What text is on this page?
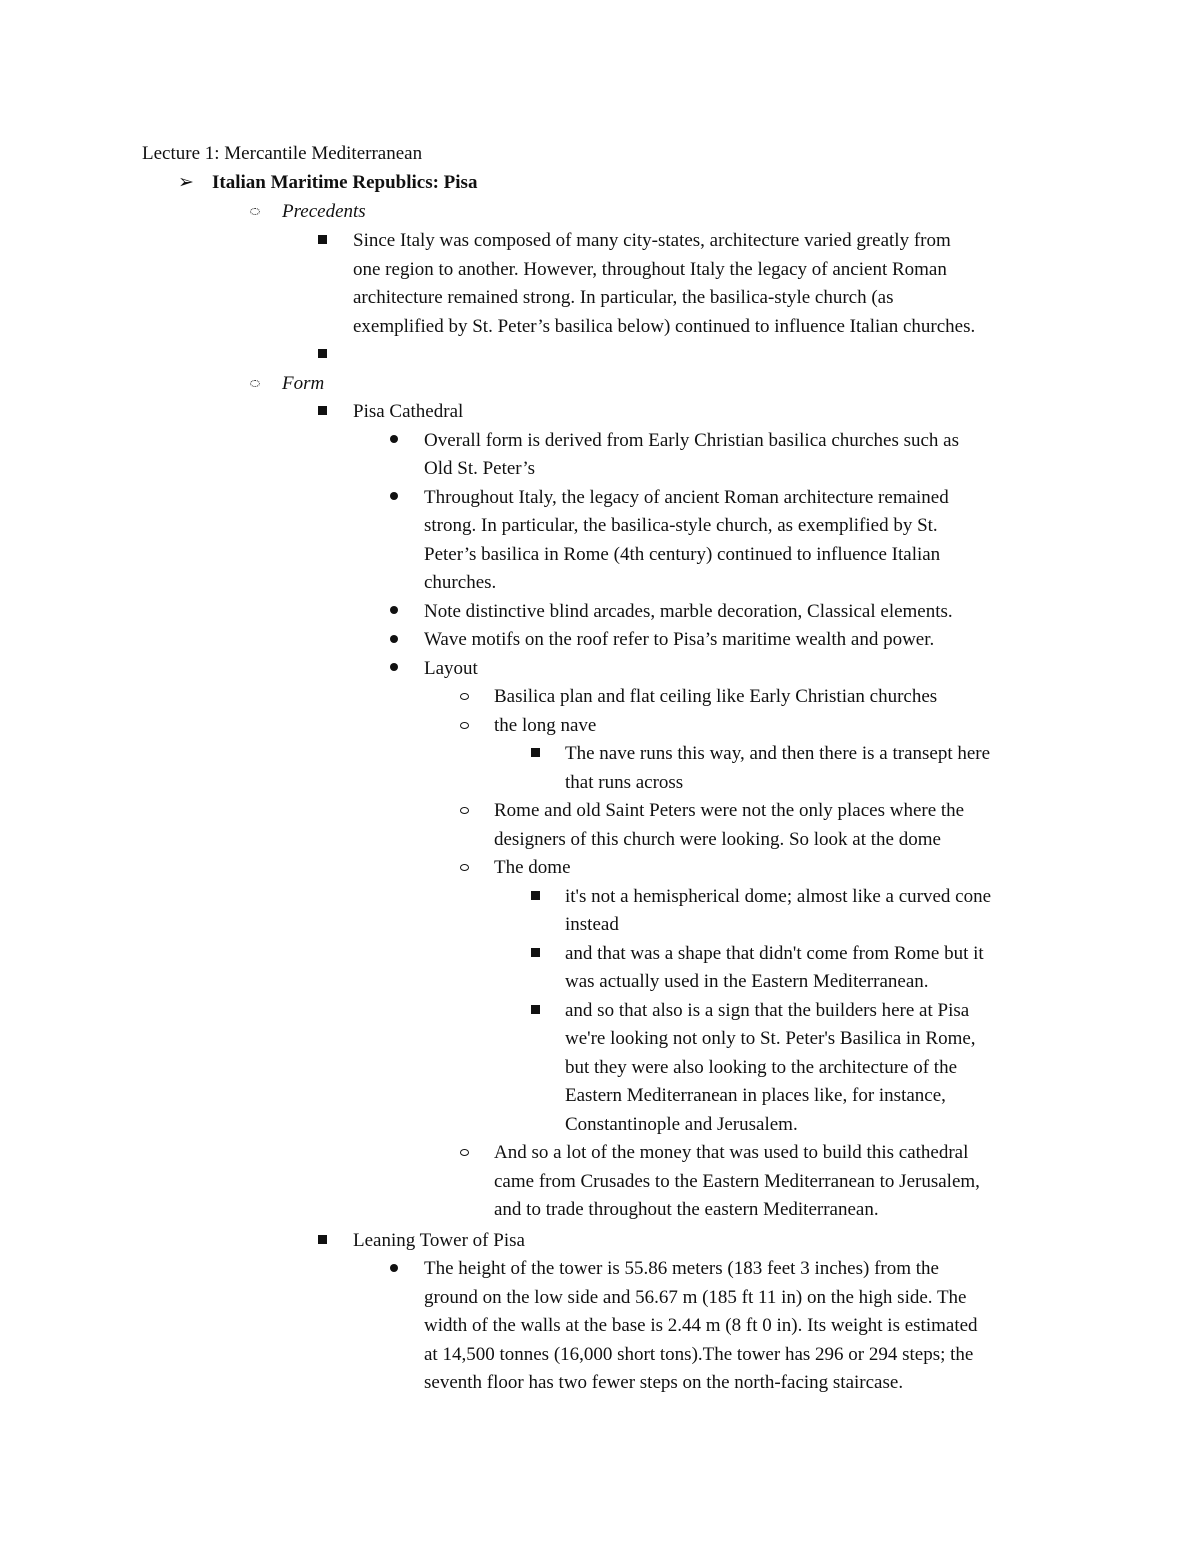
Lecture 1: Mercantile Mediterranean
➢ Italian Maritime Republics: Pisa
Precedents
Since Italy was composed of many city-states, architecture varied greatly from
one region to another. However, throughout Italy the legacy of ancient Roman
architecture remained strong. In particular, the basilica-style church (as
exemplified by St. Peter’s basilica below) continued to influence Italian churches.
Form
Pisa Cathedral
Overall form is derived from Early Christian basilica churches such as
Old St. Peter’s
Throughout Italy, the legacy of ancient Roman architecture remained
strong. In particular, the basilica-style church, as exemplified by St.
Peter’s basilica in Rome (4th century) continued to influence Italian
churches.
Note distinctive blind arcades, marble decoration, Classical elements.
Wave motifs on the roof refer to Pisa’s maritime wealth and power.
Layout
Basilica plan and flat ceiling like Early Christian churches
the long nave
The nave runs this way, and then there is a transept here
that runs across
Rome and old Saint Peters were not the only places where the
designers of this church were looking. So look at the dome
The dome
it's not a hemispherical dome; almost like a curved cone
instead
and that was a shape that didn't come from Rome but it
was actually used in the Eastern Mediterranean.
and so that also is a sign that the builders here at Pisa
we're looking not only to St. Peter's Basilica in Rome,
but they were also looking to the architecture of the
Eastern Mediterranean in places like, for instance,
Constantinople and Jerusalem.
And so a lot of the money that was used to build this cathedral
came from Crusades to the Eastern Mediterranean to Jerusalem,
and to trade throughout the eastern Mediterranean.
Leaning Tower of Pisa
The height of the tower is 55.86 meters (183 feet 3 inches) from the
ground on the low side and 56.67 m (185 ft 11 in) on the high side. The
width of the walls at the base is 2.44 m (8 ft 0 in). Its weight is estimated
at 14,500 tonnes (16,000 short tons).The tower has 296 or 294 steps; the
seventh floor has two fewer steps on the north-facing staircase.
